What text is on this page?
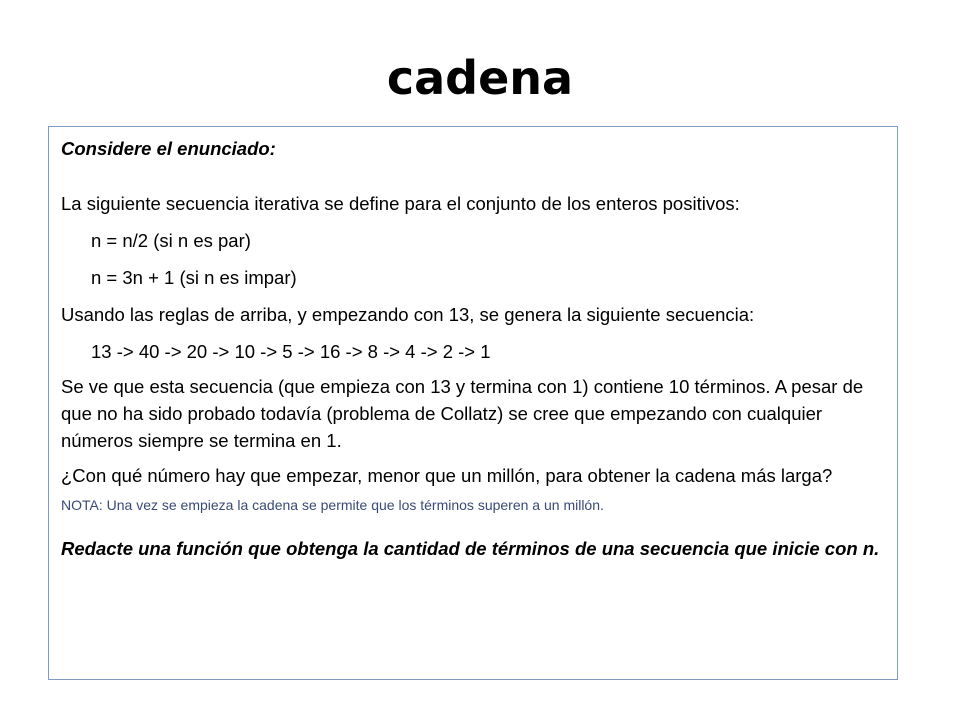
cadena

Considere el enunciado:

La siguiente secuencia iterativa se define para el conjunto de los enteros positivos:

n = n/2 (si n es par)

n = 3n + 1 (si n es impar)

Usando las reglas de arriba, y empezando con 13, se genera la siguiente secuencia:

13 -> 40 -> 20 -> 10 -> 5 -> 16 -> 8 -> 4 -> 2 -> 1

Se ve que esta secuencia (que empieza con 13 y termina con 1) contiene 10 términos. A pesar de que no ha sido probado todavía (problema de Collatz) se cree que empezando con cualquier números siempre se termina en 1.

¿Con qué número hay que empezar, menor que un millón, para obtener la cadena más larga?

NOTA: Una vez se empieza la cadena se permite que los términos superen a un millón.

Redacte una función que obtenga la cantidad de términos de una secuencia que inicie con n.
